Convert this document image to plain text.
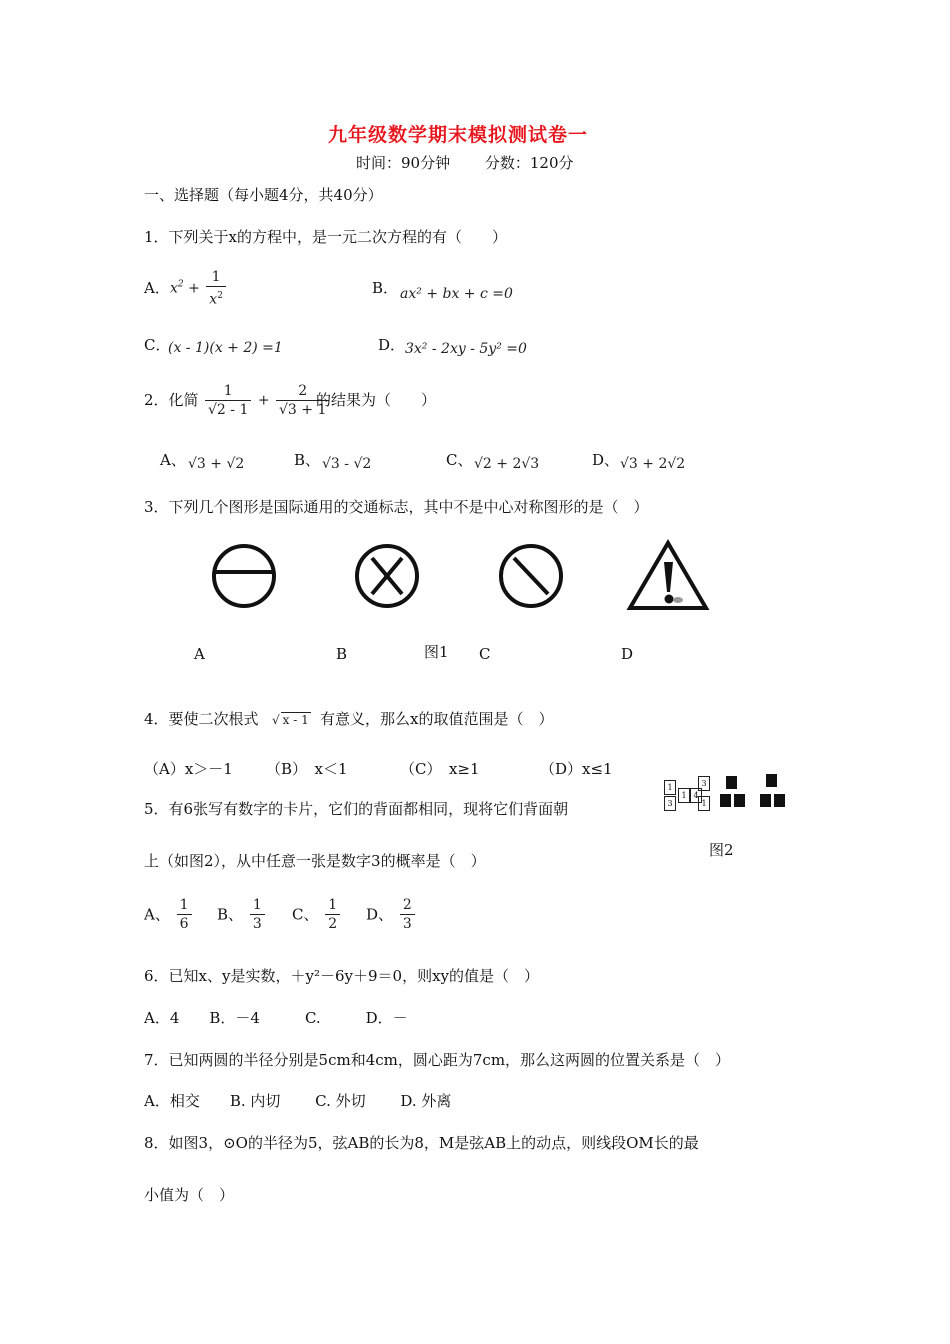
九年级数学期末模拟测试卷一
时间：90分钟　　 分数：120分
一、选择题（每小题4分，共40分）
1．下列关于x的方程中，是一元二次方程的有（　　）
A． $x^2 + \frac{1}{x^2}$	B． ax² + bx + c =0
C．
(x - 1)(x + 2) =1	D． 3x² - 2xy - 5y² =0
2．化简 $\frac{1}{√2 - 1} + \frac{2}{√3 + 1}$
的结果为（　　）
A、 √3 + √2	B、 √3 - √2	C、 √2 + 2√3	D、 √3 + 2√2
3．下列几个图形是国际通用的交通标志，其中不是中心对称图形的是（　）
A	B	图1 C	D
4．要使二次根式 √ x - 1 有意义，那么x的取值范围是（　）
（A）x＞－1 （B）　x＜1	（C）　x≥1	（D）x≤1
5．有6张写有数字的卡片，它们的背面都相同，现将它们背面朝
上（如图2），从中任意一张是数字3的概率是（　）
1
3
1 4
3
1
图2
A、 $\frac{1}{6}$ B、 $\frac{1}{3}$ C、 $\frac{1}{2}$ D、 $\frac{2}{3}$
6．已知x、y是实数，＋y²－6y＋9＝0，则xy的值是（　）
A．4　　B．－4　　　C.　　　D．－
7．已知两圆的半径分别是5cm和4cm，圆心距为7cm，那么这两圆的位置关系是（　）
A．相交　　B. 内切　　 C. 外切　　 D. 外离
8．如图3，⊙O的半径为5，弦AB的长为8，M是弦AB上的动点，则线段OM长的最
小值为（　）
